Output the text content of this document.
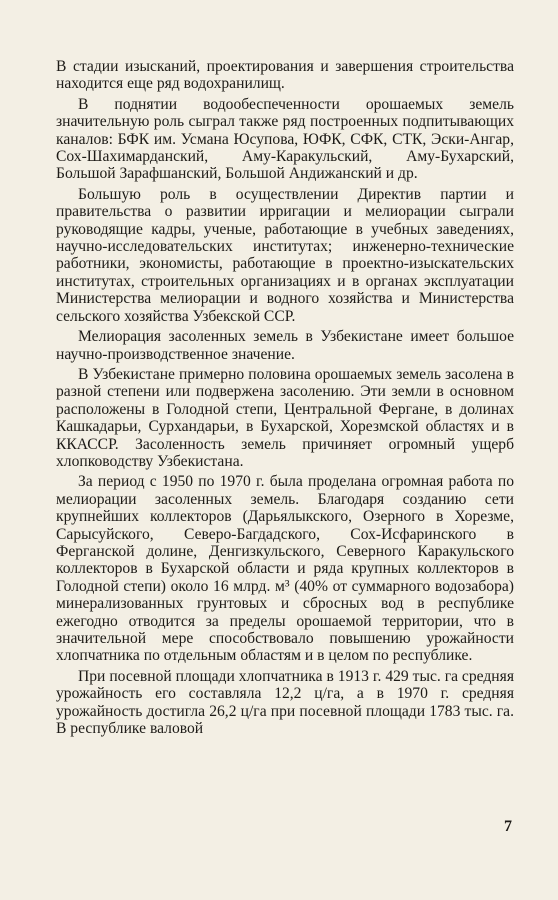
В стадии изысканий, проектирования и завершения строительства находится еще ряд водохранилищ.

В поднятии водообеспеченности орошаемых земель значительную роль сыграл также ряд построенных подпитывающих каналов: БФК им. Усмана Юсупова, ЮФК, СФК, СТК, Эски-Ангар, Сох-Шахимарданский, Аму-Каракульский, Аму-Бухарский, Большой Зарафшанский, Большой Андижанский и др.

Большую роль в осуществлении Директив партии и правительства о развитии ирригации и мелиорации сыграли руководящие кадры, ученые, работающие в учебных заведениях, научно-исследовательских институтах; инженерно-технические работники, экономисты, работающие в проектно-изыскательских институтах, строительных организациях и в органах эксплуатации Министерства мелиорации и водного хозяйства и Министерства сельского хозяйства Узбекской ССР.

Мелиорация засоленных земель в Узбекистане имеет большое научно-производственное значение.

В Узбекистане примерно половина орошаемых земель засолена в разной степени или подвержена засолению. Эти земли в основном расположены в Голодной степи, Центральной Фергане, в долинах Кашкадарьи, Сурхандарьи, в Бухарской, Хорезмской областях и в ККАССР. Засоленность земель причиняет огромный ущерб хлопководству Узбекистана.

За период с 1950 по 1970 г. была проделана огромная работа по мелиорации засоленных земель. Благодаря созданию сети крупнейших коллекторов (Дарьялыкского, Озерного в Хорезме, Сарысуйского, Северо-Багдадского, Сох-Исфаринского в Ферганской долине, Денгизкульского, Северного Каракульского коллекторов в Бухарской области и ряда крупных коллекторов в Голодной степи) около 16 млрд. м³ (40% от суммарного водозабора) минерализованных грунтовых и сбросных вод в республике ежегодно отводится за пределы орошаемой территории, что в значительной мере способствовало повышению урожайности хлопчатника по отдельным областям и в целом по республике.

При посевной площади хлопчатника в 1913 г. 429 тыс. га средняя урожайность его составляла 12,2 ц/га, а в 1970 г. средняя урожайность достигла 26,2 ц/га при посевной площади 1783 тыс. га. В республике валовой

7
